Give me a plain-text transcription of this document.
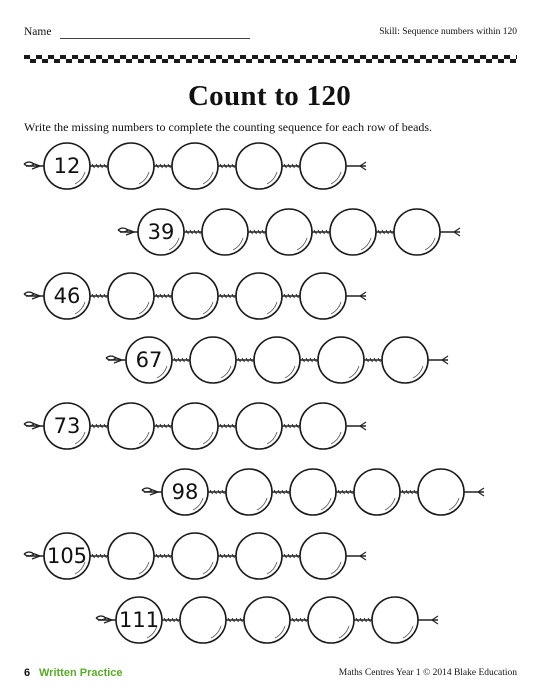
Name	Skill: Sequence numbers within 120
Count to 120
Write the missing numbers to complete the counting sequence for each row of beads.
12
39
46
67
73
98
105
111
6 Written Practice	Maths Centres Year 1 © 2014 Blake Education
